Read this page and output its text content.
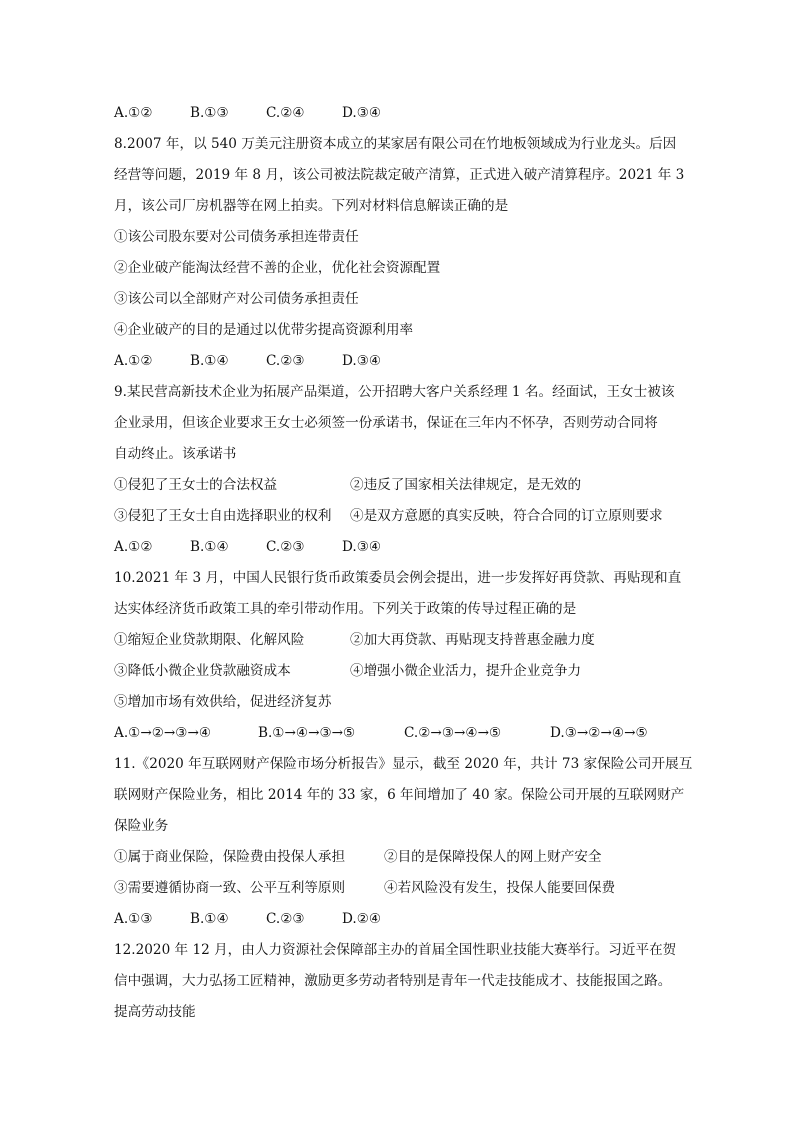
A.①②	B.①③	C.②④	D.③④
8.2007 年，以 540 万美元注册资本成立的某家居有限公司在竹地板领域成为行业龙头。后因
经营等问题，2019 年 8 月，该公司被法院裁定破产清算，正式进入破产清算程序。2021 年 3
月，该公司厂房机器等在网上拍卖。下列对材料信息解读正确的是
①该公司股东要对公司债务承担连带责任
②企业破产能淘汰经营不善的企业，优化社会资源配置
③该公司以全部财产对公司债务承担责任
④企业破产的目的是通过以优带劣提高资源利用率
A.①②	B.①④	C.②③	D.③④
9.某民营高新技术企业为拓展产品渠道，公开招聘大客户关系经理 1 名。经面试，王女士被该
企业录用，但该企业要求王女士必须签一份承诺书，保证在三年内不怀孕，否则劳动合同将
自动终止。该承诺书
①侵犯了王女士的合法权益	②违反了国家相关法律规定，是无效的
③侵犯了王女士自由选择职业的权利 ④是双方意愿的真实反映，符合合同的订立原则要求
A.①②	B.①④	C.②③	D.③④
10.2021 年 3 月，中国人民银行货币政策委员会例会提出，进一步发挥好再贷款、再贴现和直
达实体经济货币政策工具的牵引带动作用。下列关于政策的传导过程正确的是
①缩短企业贷款期限、化解风险	②加大再贷款、再贴现支持普惠金融力度
③降低小微企业贷款融资成本	④增强小微企业活力，提升企业竞争力
⑤增加市场有效供给，促进经济复苏
A.①→②→③→④	B.①→④→③→⑤	C.②→③→④→⑤	D.③→②→④→⑤
11.《2020 年互联网财产保险市场分析报告》显示，截至 2020 年，共计 73 家保险公司开展互
联网财产保险业务，相比 2014 年的 33 家，6 年间增加了 40 家。保险公司开展的互联网财产
保险业务
①属于商业保险，保险费由投保人承担	②目的是保障投保人的网上财产安全
③需要遵循协商一致、公平互利等原则	④若风险没有发生，投保人能要回保费
A.①③	B.①④	C.②③	D.②④
12.2020 年 12 月，由人力资源社会保障部主办的首届全国性职业技能大赛举行。习近平在贺
信中强调，大力弘扬工匠精神，激励更多劳动者特别是青年一代走技能成才、技能报国之路。
提高劳动技能
